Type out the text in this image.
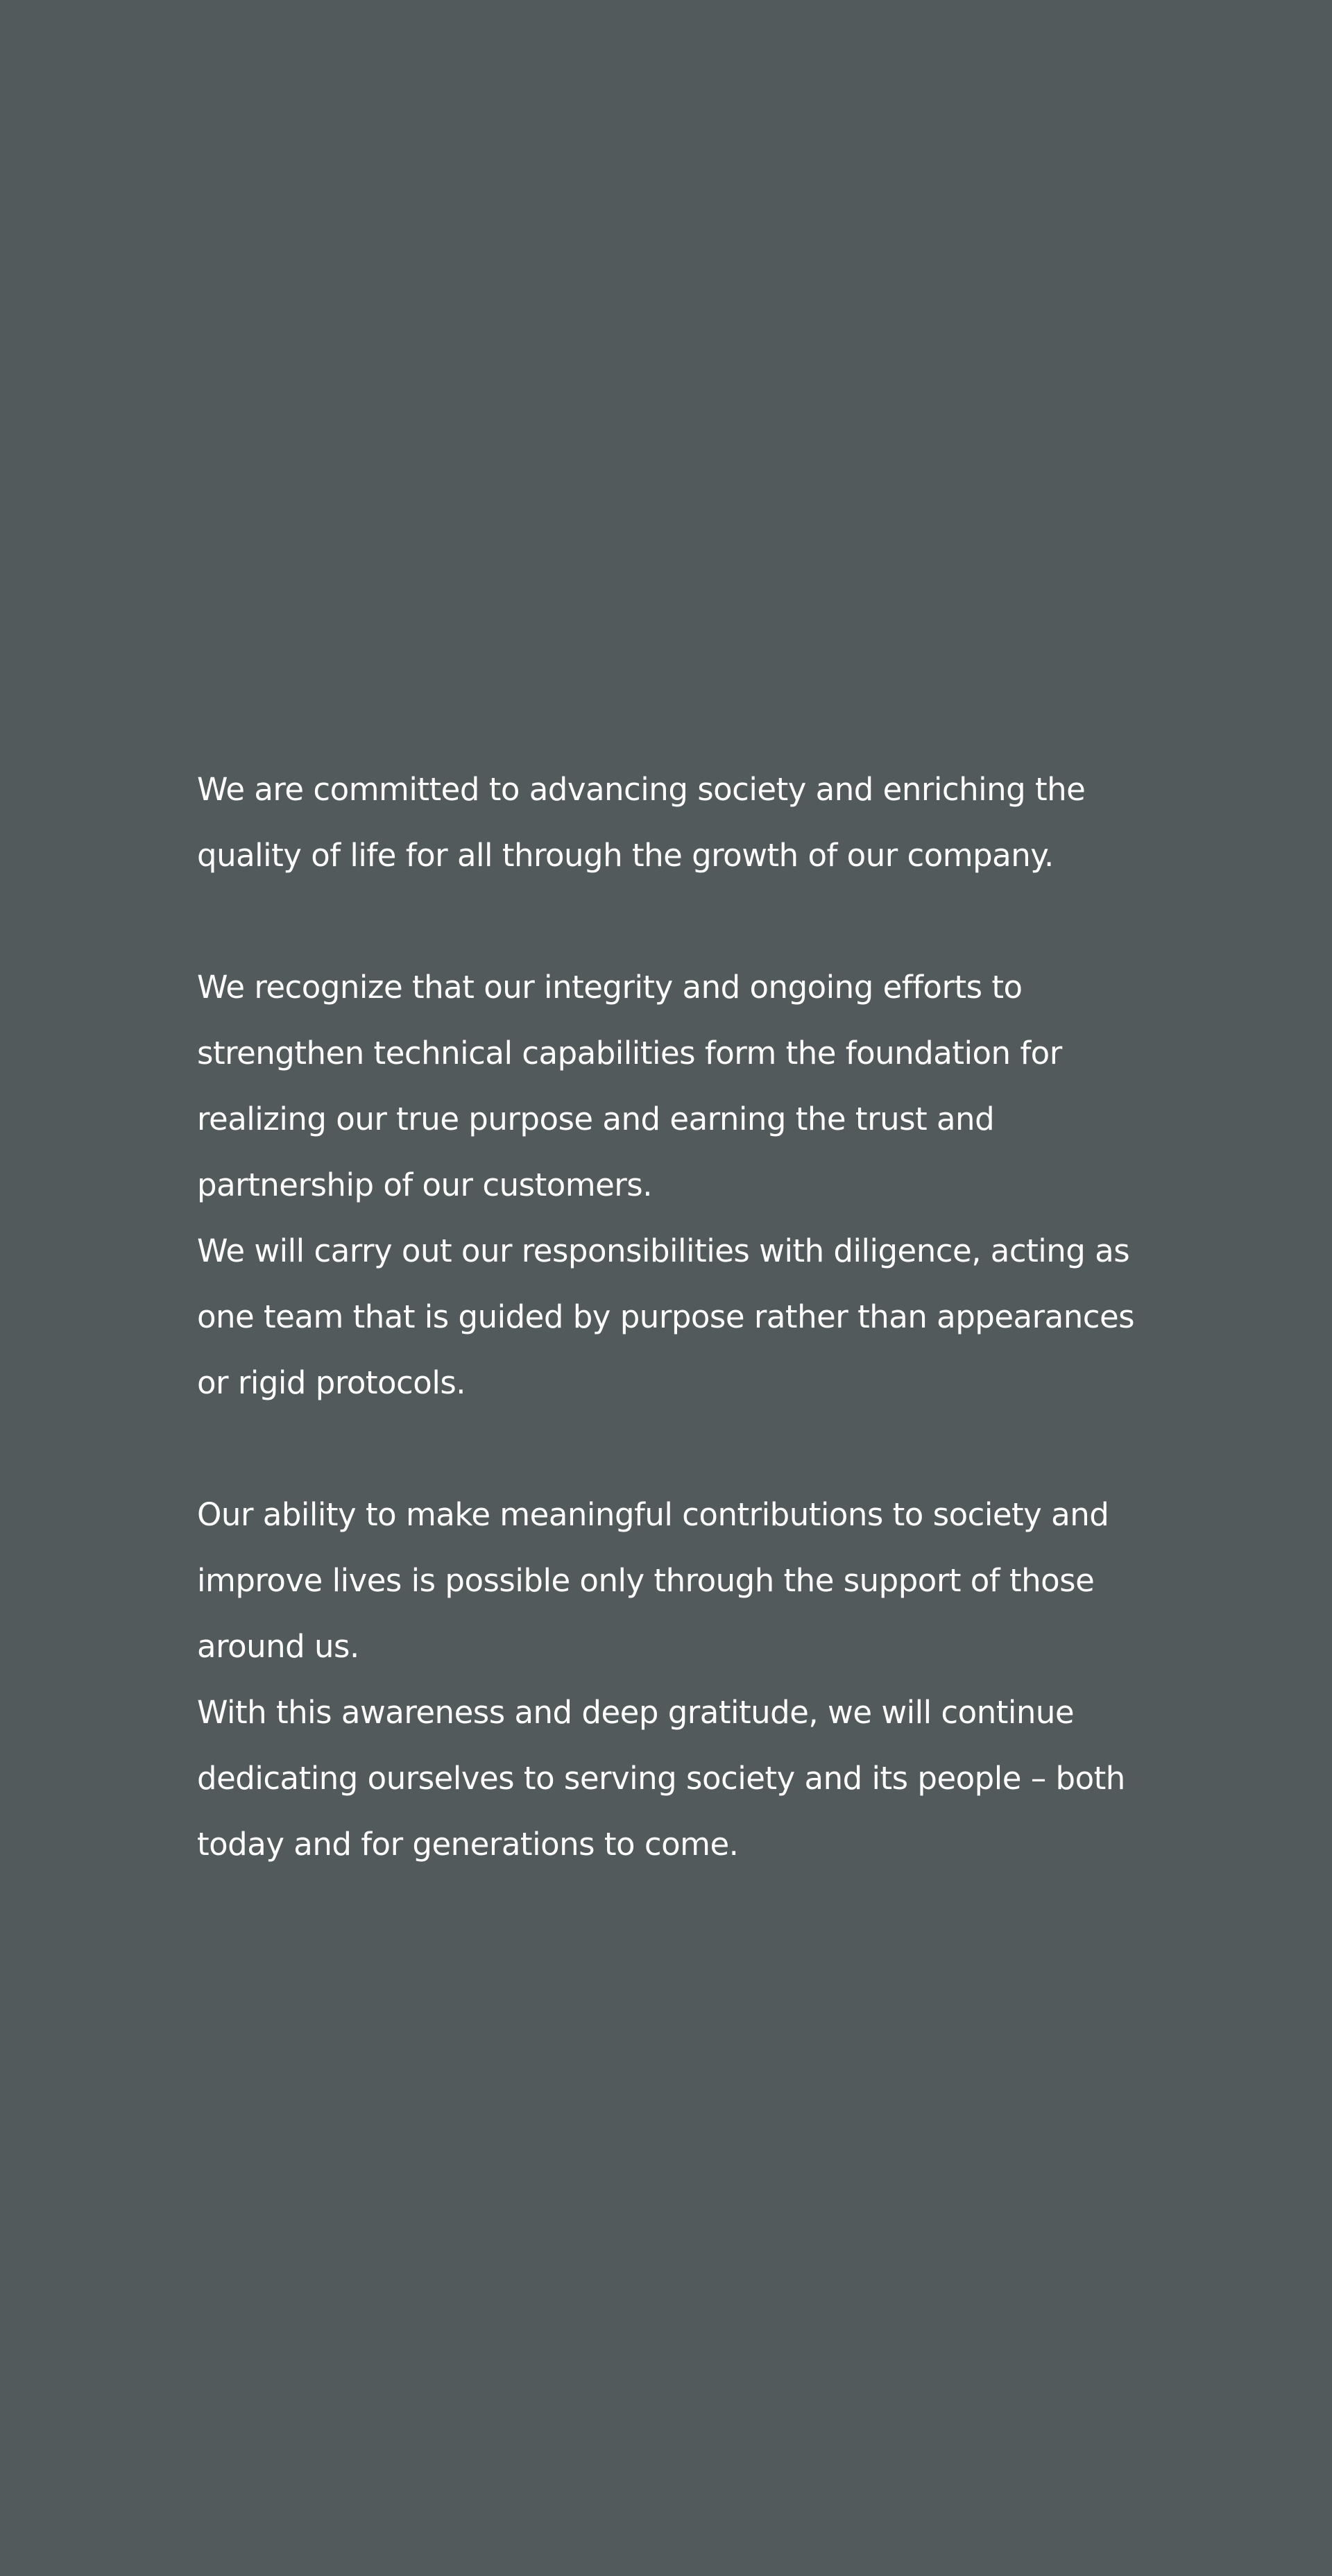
We are committed to advancing society and enriching the
quality of life for all through the growth of our company.

We recognize that our integrity and ongoing efforts to
strengthen technical capabilities form the foundation for
realizing our true purpose and earning the trust and
partnership of our customers.
We will carry out our responsibilities with diligence, acting as
one team that is guided by purpose rather than appearances
or rigid protocols.

Our ability to make meaningful contributions to society and
improve lives is possible only through the support of those
around us.
With this awareness and deep gratitude, we will continue
dedicating ourselves to serving society and its people – both
today and for generations to come.
